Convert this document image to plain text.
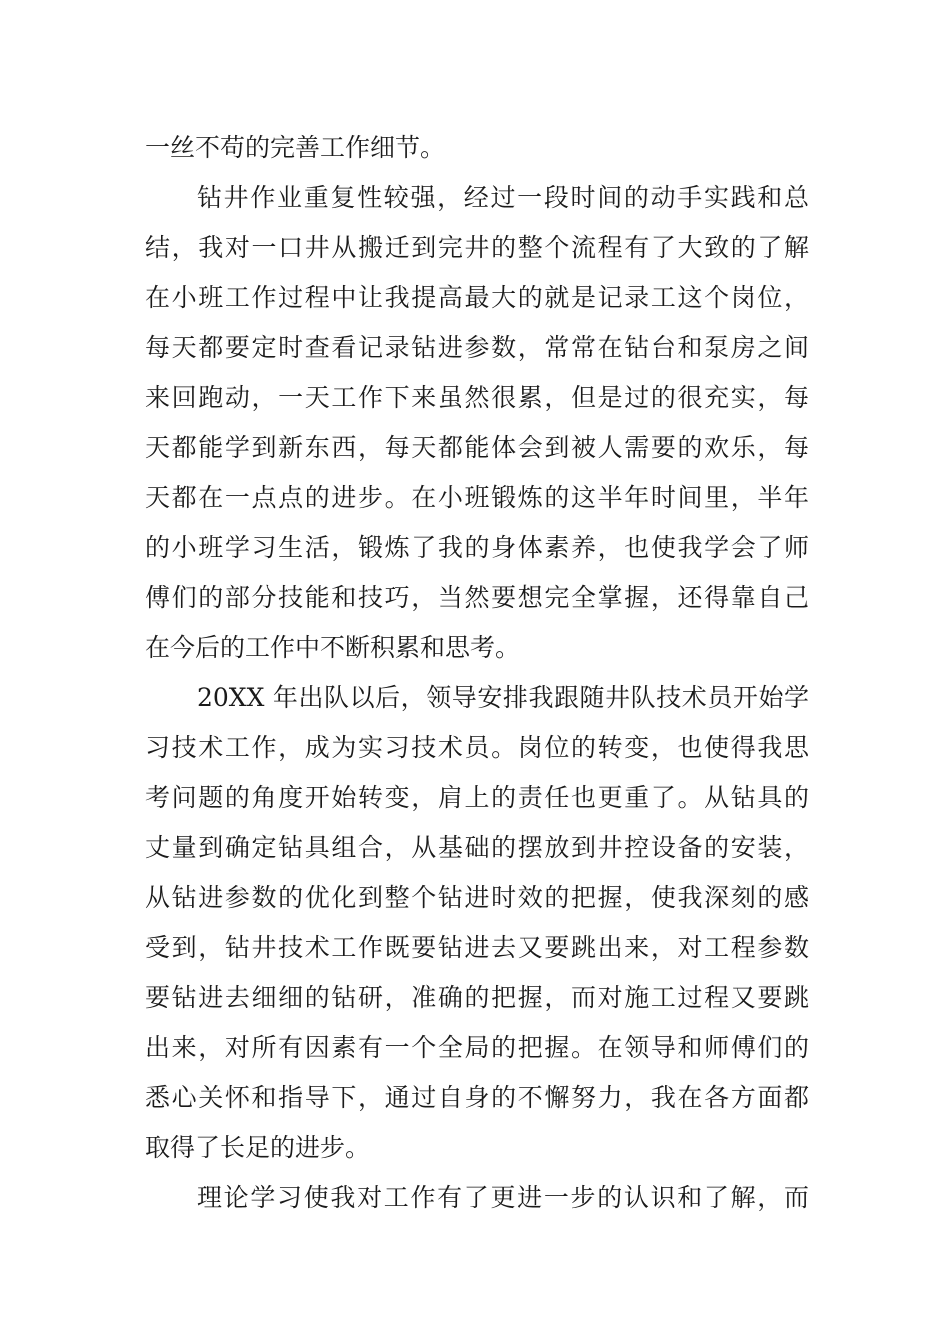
一丝不苟的完善工作细节。
钻井作业重复性较强，经过一段时间的动手实践和总
结，我对一口井从搬迁到完井的整个流程有了大致的了解
在小班工作过程中让我提高最大的就是记录工这个岗位，
每天都要定时查看记录钻进参数，常常在钻台和泵房之间
来回跑动，一天工作下来虽然很累，但是过的很充实，每
天都能学到新东西，每天都能体会到被人需要的欢乐，每
天都在一点点的进步。在小班锻炼的这半年时间里，半年
的小班学习生活，锻炼了我的身体素养，也使我学会了师
傅们的部分技能和技巧，当然要想完全掌握，还得靠自己
在今后的工作中不断积累和思考。
20XX 年出队以后，领导安排我跟随井队技术员开始学
习技术工作，成为实习技术员。岗位的转变，也使得我思
考问题的角度开始转变，肩上的责任也更重了。从钻具的
丈量到确定钻具组合，从基础的摆放到井控设备的安装，
从钻进参数的优化到整个钻进时效的把握，使我深刻的感
受到，钻井技术工作既要钻进去又要跳出来，对工程参数
要钻进去细细的钻研，准确的把握，而对施工过程又要跳
出来，对所有因素有一个全局的把握。在领导和师傅们的
悉心关怀和指导下，通过自身的不懈努力，我在各方面都
取得了长足的进步。
理论学习使我对工作有了更进一步的认识和了解，而
